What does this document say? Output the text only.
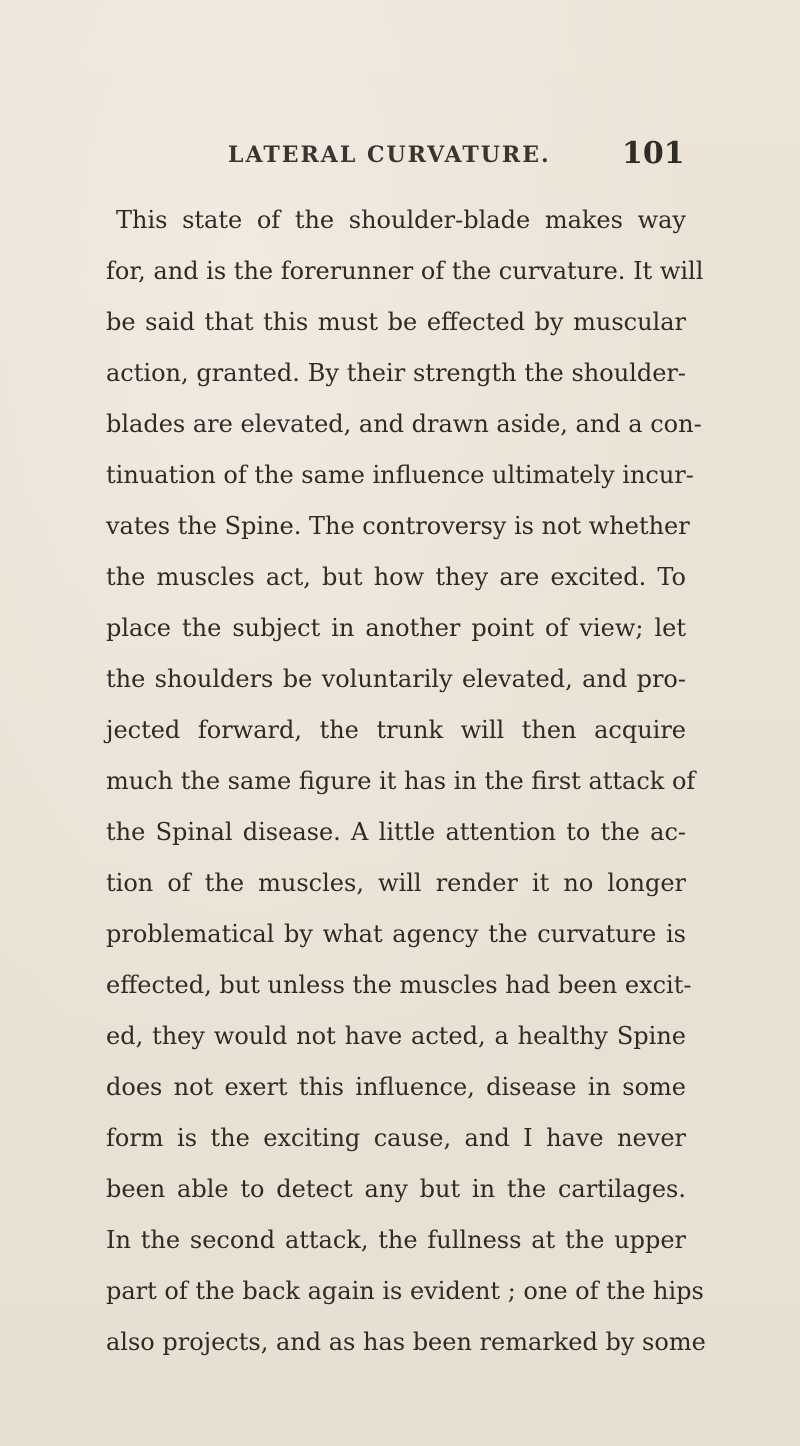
LATERAL CURVATURE. 101
This state of the shoulder-blade makes way
for, and is the forerunner of the curvature. It will
be said that this must be effected by muscular
action, granted. By their strength the shoulder-
blades are elevated, and drawn aside, and a con-
tinuation of the same influence ultimately incur-
vates the Spine. The controversy is not whether
the muscles act, but how they are excited. To
place the subject in another point of view; let
the shoulders be voluntarily elevated, and pro-
jected forward, the trunk will then acquire
much the same figure it has in the first attack of
the Spinal disease. A little attention to the ac-
tion of the muscles, will render it no longer
problematical by what agency the curvature is
effected, but unless the muscles had been excit-
ed, they would not have acted, a healthy Spine
does not exert this influence, disease in some
form is the exciting cause, and I have never
been able to detect any but in the cartilages.
In the second attack, the fullness at the upper
part of the back again is evident ; one of the hips
also projects, and as has been remarked by some
